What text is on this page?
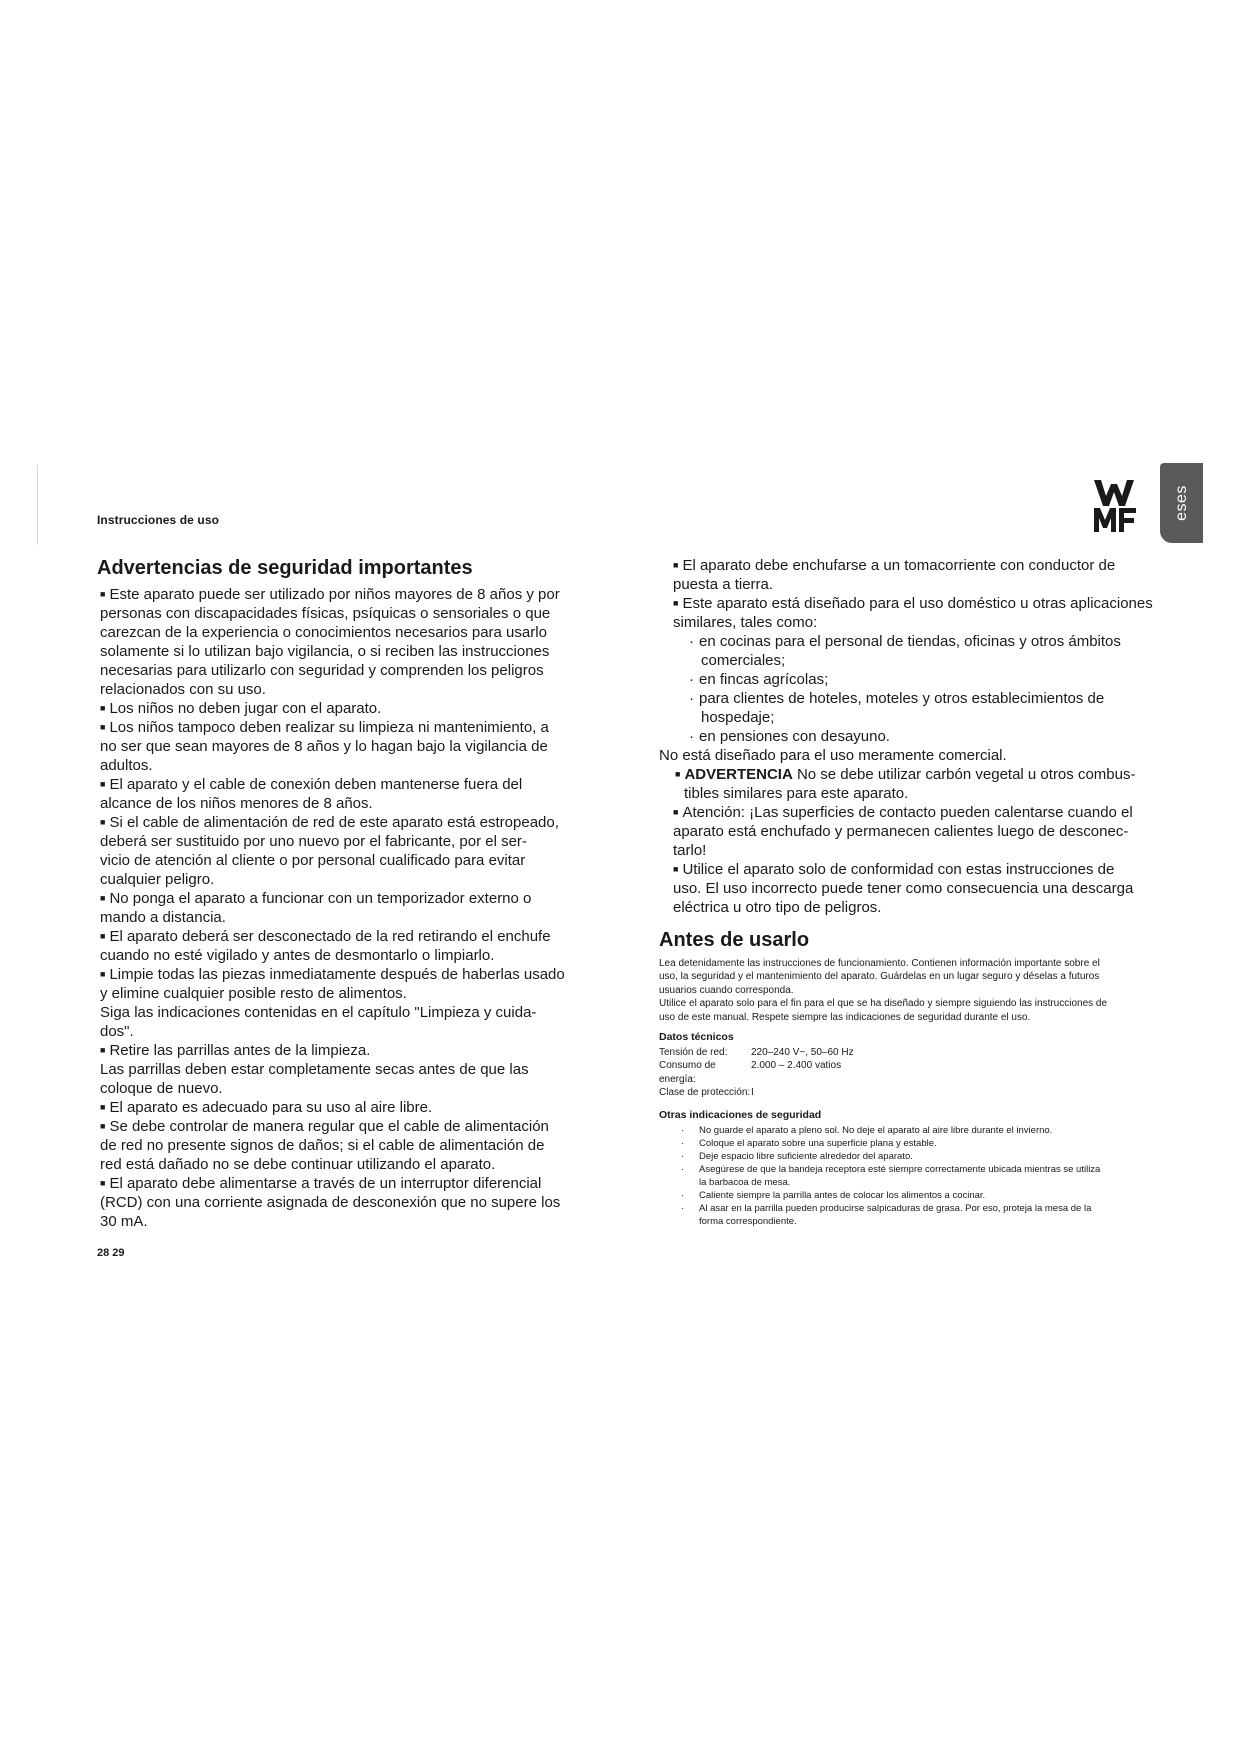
Instrucciones de uso	eses
Advertencias de seguridad importantes
■ Este aparato puede ser utilizado por niños mayores de 8 años y por

personas con discapacidades físicas, psíquicas o sensoriales o que
carezcan de la experiencia o conocimientos necesarios para usarlo
solamente si lo utilizan bajo vigilancia, o si reciben las instrucciones
necesarias para utilizarlo con seguridad y comprenden los peligros
relacionados con su uso.
■ Los niños no deben jugar con el aparato.

■ Los niños tampoco deben realizar su limpieza ni mantenimiento, a

no ser que sean mayores de 8 años y lo hagan bajo la vigilancia de
adultos.
■ El aparato y el cable de conexión deben mantenerse fuera del

alcance de los niños menores de 8 años.
■ Si el cable de alimentación de red de este aparato está estropeado,

deberá ser sustituido por uno nuevo por el fabricante, por el ser-
vicio de atención al cliente o por personal cualificado para evitar
cualquier peligro.
■ No ponga el aparato a funcionar con un temporizador externo o

mando a distancia.
■ El aparato deberá ser desconectado de la red retirando el enchufe

cuando no esté vigilado y antes de desmontarlo o limpiarlo.
■ Limpie todas las piezas inmediatamente después de haberlas usado

y elimine cualquier posible resto de alimentos.
Siga las indicaciones contenidas en el capítulo "Limpieza y cuida-
dos".
■ Retire las parrillas antes de la limpieza.

Las parrillas deben estar completamente secas antes de que las
coloque de nuevo.
■ El aparato es adecuado para su uso al aire libre.

■ Se debe controlar de manera regular que el cable de alimentación

de red no presente signos de daños; si el cable de alimentación de
red está dañado no se debe continuar utilizando el aparato.
■ El aparato debe alimentarse a través de un interruptor diferencial

(RCD) con una corriente asignada de desconexión que no supere los
30 mA.
■ El aparato debe enchufarse a un tomacorriente con conductor de

puesta a tierra.
■ Este aparato está diseñado para el uso doméstico u otras aplicaciones

similares, tales como:
· en cocinas para el personal de tiendas, oficinas y otros ámbitos

comerciales;
· en fincas agrícolas;

· para clientes de hoteles, moteles y otros establecimientos de

hospedaje;
· en pensiones con desayuno.

No está diseñado para el uso meramente comercial.

■ ADVERTENCIA No se debe utilizar carbón vegetal u otros combus-
tibles similares para este aparato.
■ Atención: ¡Las superficies de contacto pueden calentarse cuando el

aparato está enchufado y permanecen calientes luego de desconec-
tarlo!
■ Utilice el aparato solo de conformidad con estas instrucciones de

uso. El uso incorrecto puede tener como consecuencia una descarga
eléctrica u otro tipo de peligros.
Antes de usarlo
Lea detenidamente las instrucciones de funcionamiento. Contienen información importante sobre el
uso, la seguridad y el mantenimiento del aparato. Guárdelas en un lugar seguro y déselas a futuros
usuarios cuando corresponda.
Utilice el aparato solo para el fin para el que se ha diseñado y siempre siguiendo las instrucciones de
uso de este manual. Respete siempre las indicaciones de seguridad durante el uso.
Datos técnicos
Tensión de red:	220–240 V~, 50–60 Hz
Consumo de energía:
2.000 – 2.400 vatios
Clase de protección: I
Otras indicaciones de seguridad
·	No guarde el aparato a pleno sol. No deje el aparato al aire libre durante el invierno.
·	Coloque el aparato sobre una superficie plana y estable.
·	Deje espacio libre suficiente alrededor del aparato.
·	Asegúrese de que la bandeja receptora esté siempre correctamente ubicada mientras se utiliza
la barbacoa de mesa.
·	Caliente siempre la parrilla antes de colocar los alimentos a cocinar.
·	Al asar en la parrilla pueden producirse salpicaduras de grasa. Por eso, proteja la mesa de la
forma correspondiente.
28 29
